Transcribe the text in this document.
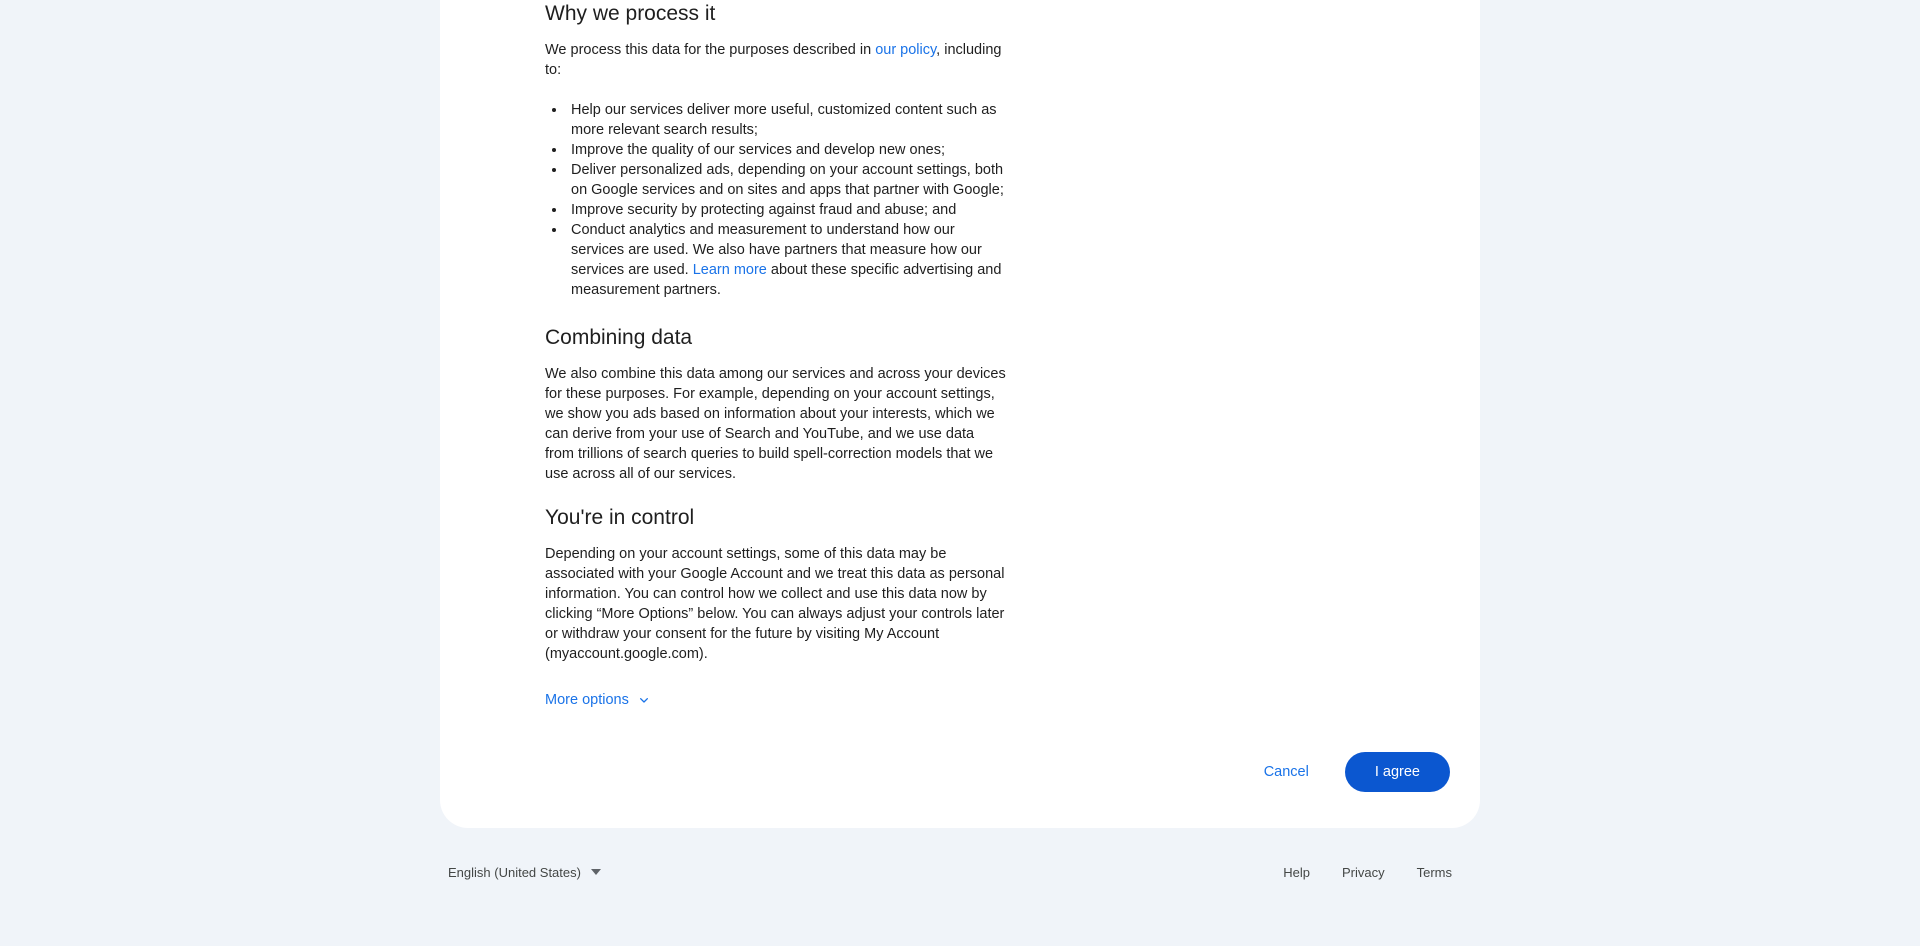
Why we process it

We process this data for the purposes described in our policy, including to:

• Help our services deliver more useful, customized content such as more relevant search results;
• Improve the quality of our services and develop new ones;
• Deliver personalized ads, depending on your account settings, both on Google services and on sites and apps that partner with Google;
• Improve security by protecting against fraud and abuse; and
• Conduct analytics and measurement to understand how our services are used. We also have partners that measure how our services are used. Learn more about these specific advertising and measurement partners.
Combining data

We also combine this data among our services and across your devices for these purposes. For example, depending on your account settings, we show you ads based on information about your interests, which we can derive from your use of Search and YouTube, and we use data from trillions of search queries to build spell-correction models that we use across all of our services.

You're in control

Depending on your account settings, some of this data may be associated with your Google Account and we treat this data as personal information. You can control how we collect and use this data now by clicking “More Options” below. You can always adjust your controls later or withdraw your consent for the future by visiting My Account (myaccount.google.com).

More options
Cancel	I agree
English (United States)	Help Privacy Terms
